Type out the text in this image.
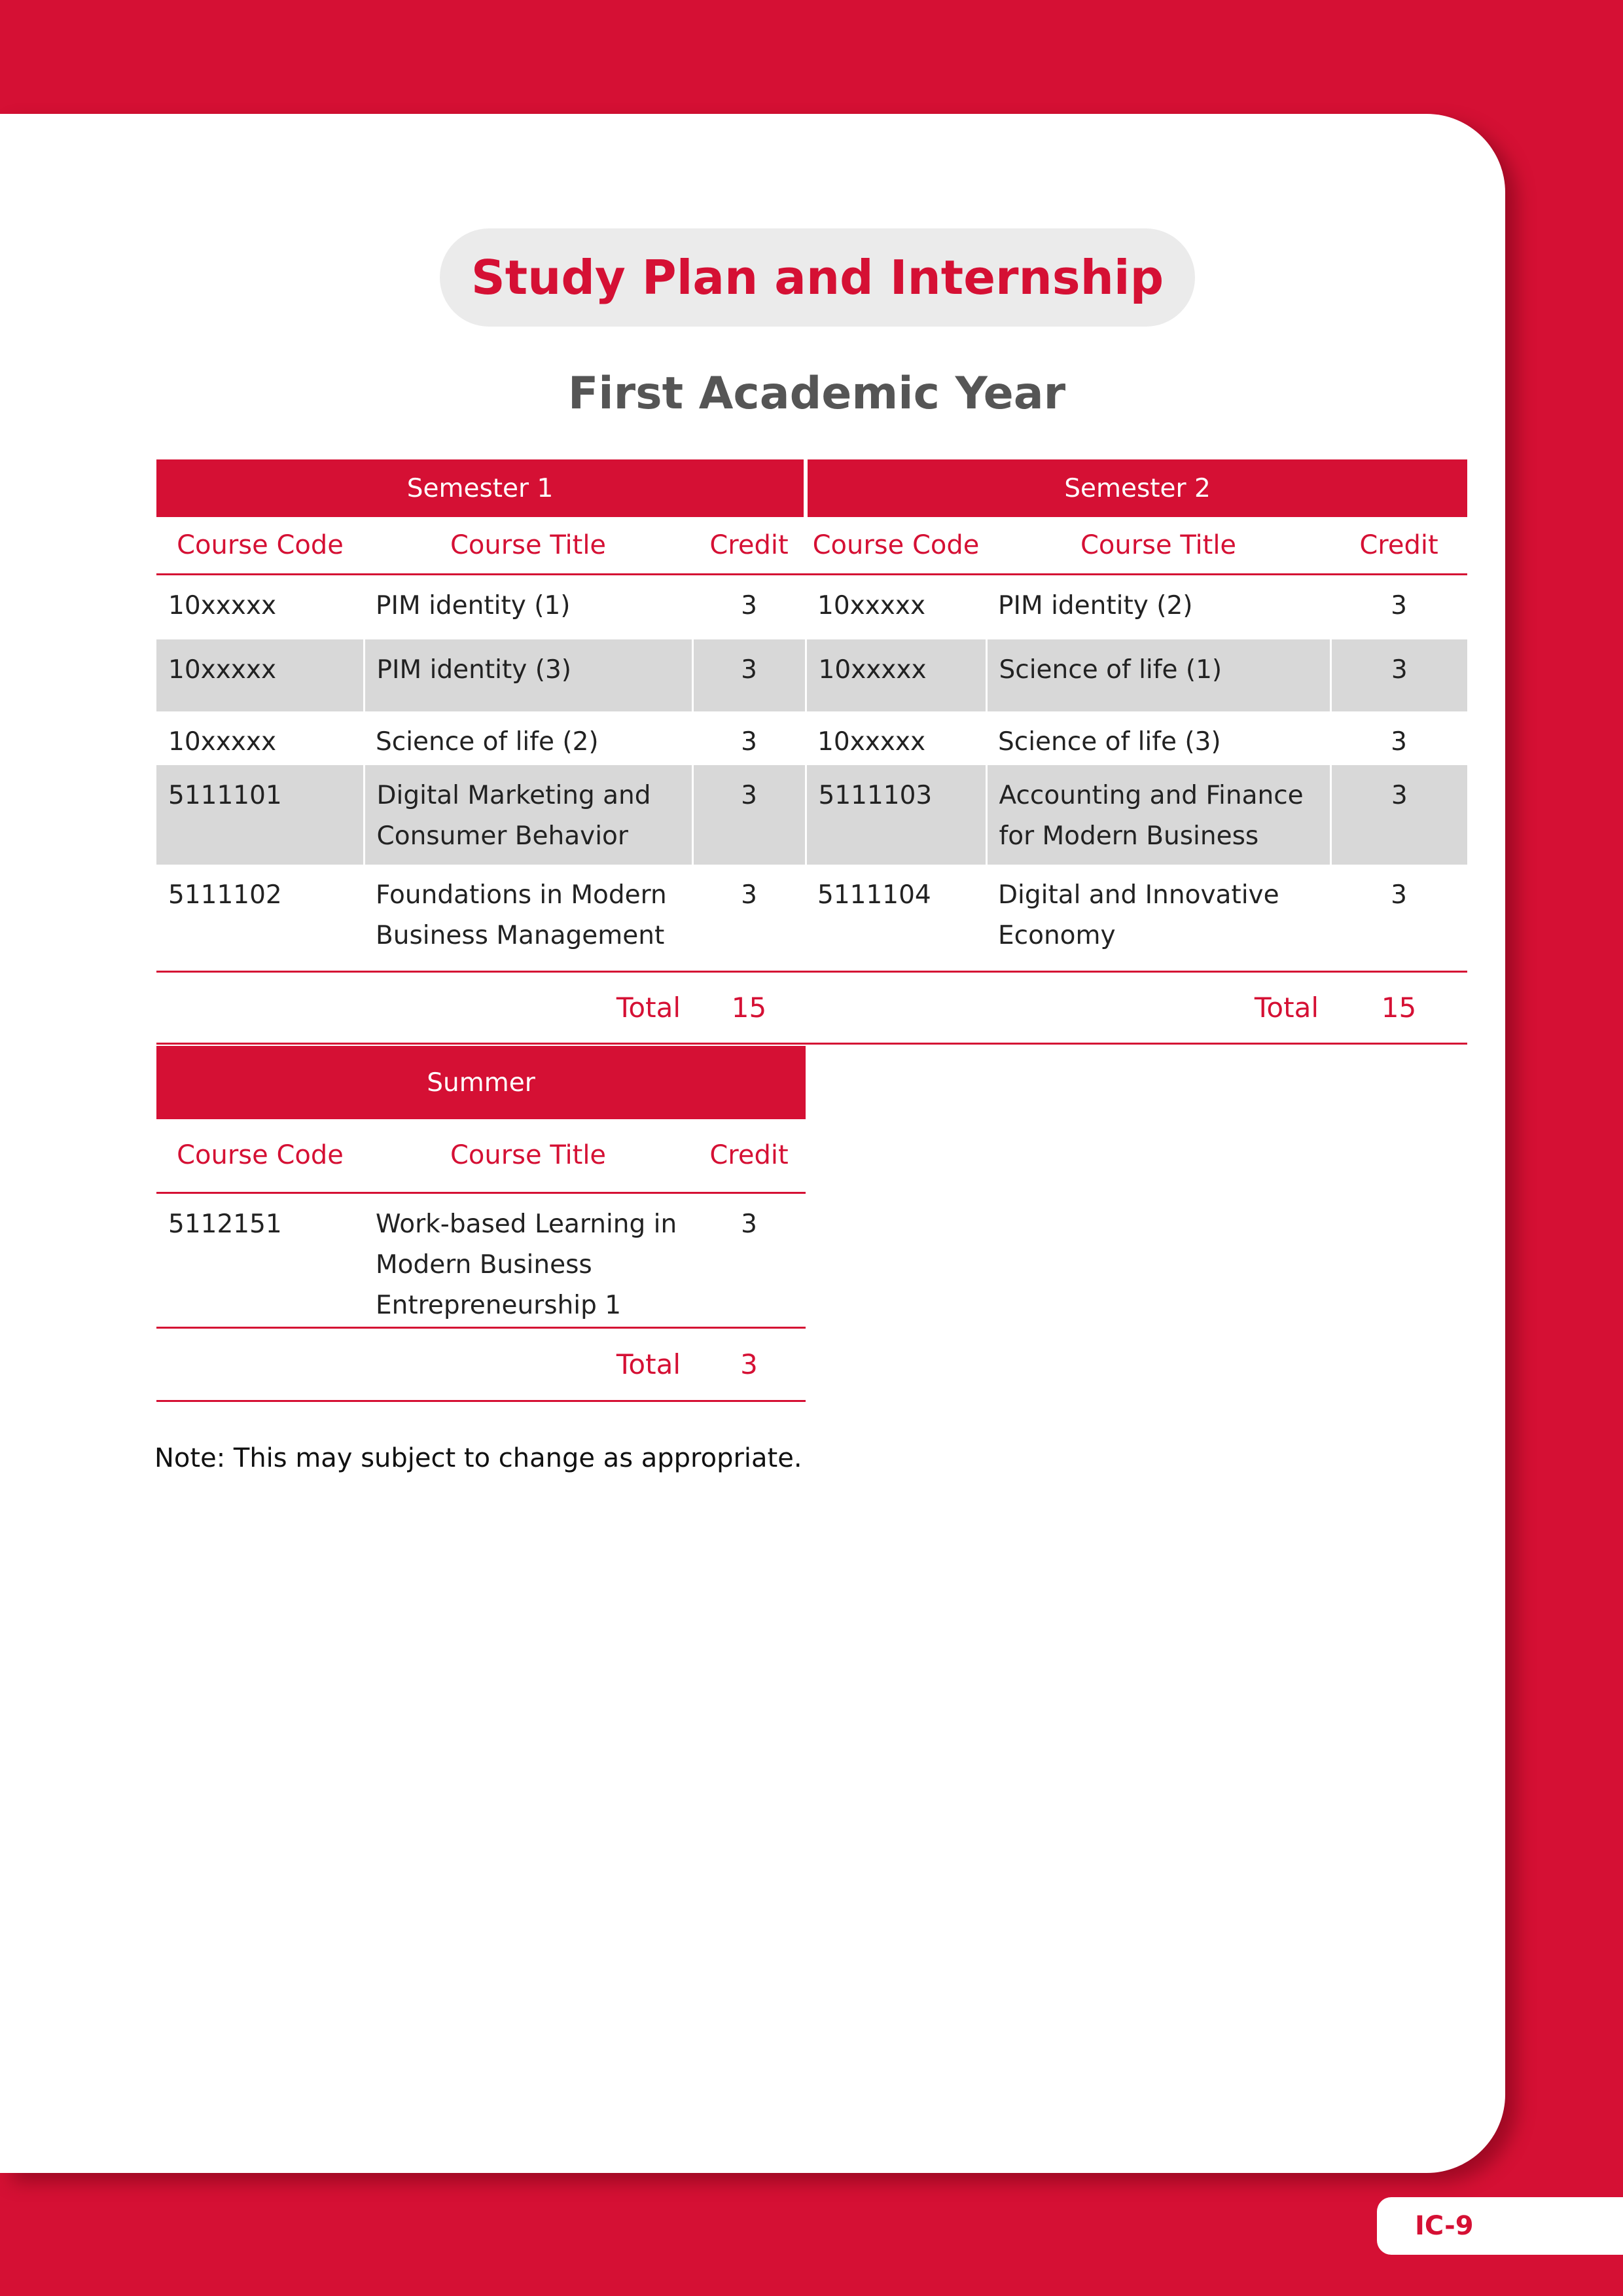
Study Plan and Internship
First Academic Year
Semester 1			Semester 2		
Course Code	Course Title	Credit	Course Code	Course Title	Credit
10xxxxx	PIM identity (1)	3	10xxxxx	PIM identity (2)	3
10xxxxx	PIM identity (3)	3	10xxxxx	Science of life (1)	3
10xxxxx	Science of life (2)	3	10xxxxx	Science of life (3)	3
5111101	Digital Marketing and Consumer Behavior	3	5111103	Accounting and Finance for Modern Business	3
5111102	Foundations in Modern Business Management	3	5111104	Digital and Innovative Economy	3
Total		15	Total		15
Summer		
Course Code	Course Title	Credit
5112151	Work-based Learning in Modern Business Entrepreneurship 1	3
Total		3
Note: This may subject to change as appropriate.
IC-9
